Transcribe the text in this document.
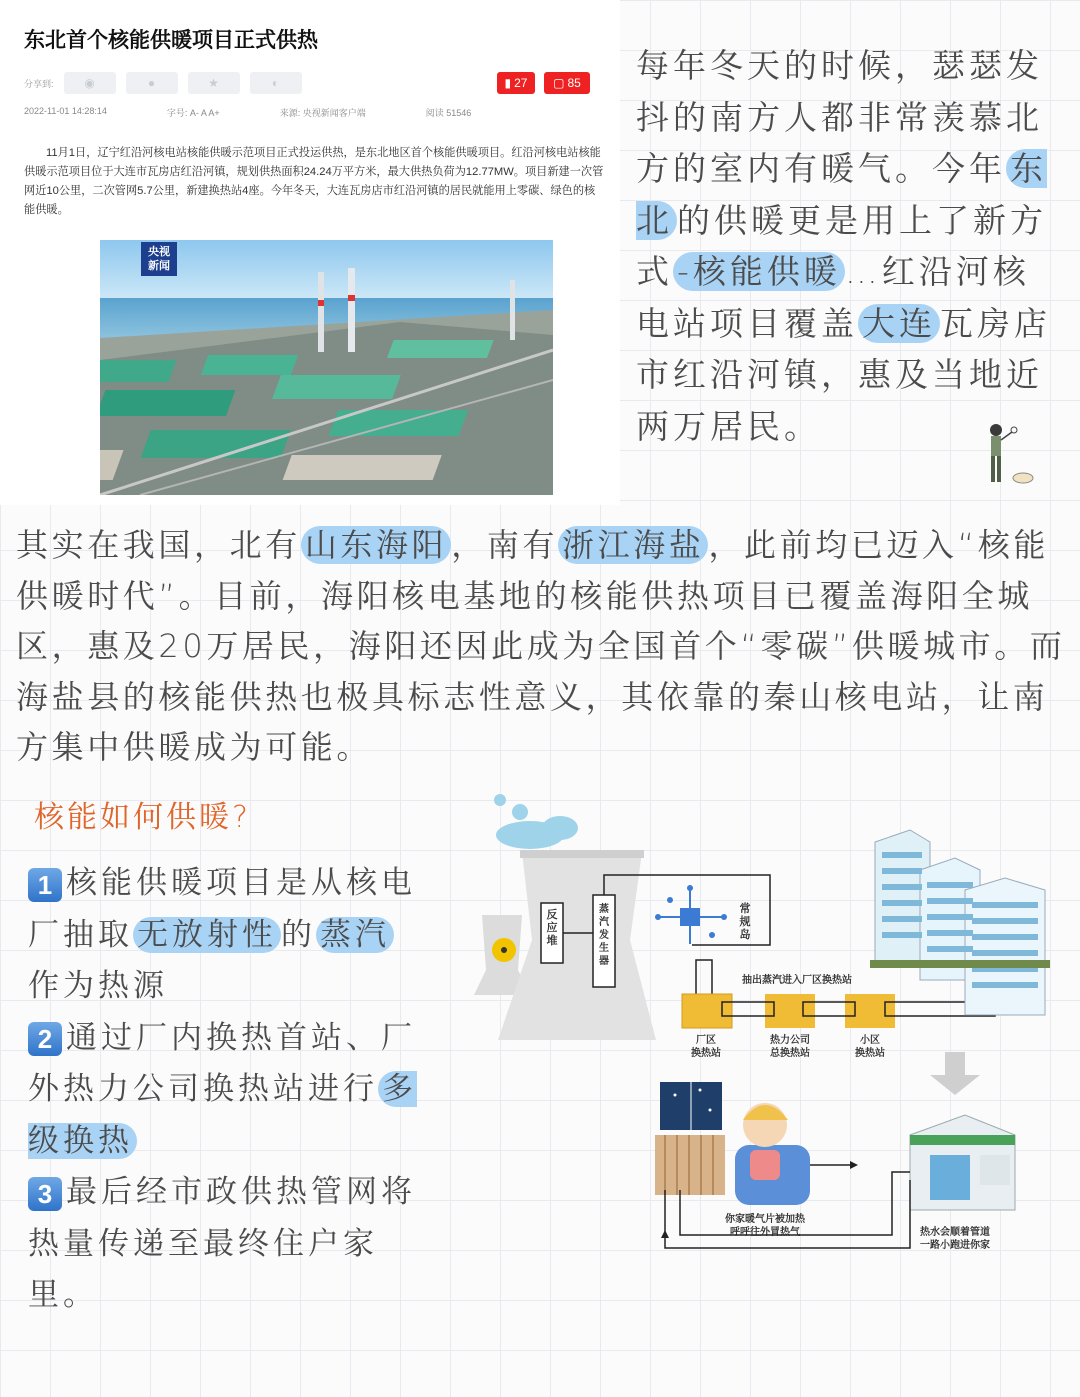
东北首个核能供暖项目正式供热
分享到:	◉	●	★	◐	▮ 27 ▢ 85
2022-11-01 14:28:14	字号: A- A A+	来源: 央视新闻客户端	阅读 51546
11月1日，辽宁红沿河核电站核能供暖示范项目正式投运供热，是东北地区首个核能供暖项目。红沿河核电站核能供暖示范项目位于大连市瓦房店红沿河镇，规划供热面积24.24万平方米，最大供热负荷为12.77MW。项目新建一次管网近10公里，二次管网5.7公里，新建换热站4座。今年冬天，大连瓦房店市红沿河镇的居民就能用上零碳、绿色的核能供暖。
央视
新闻
每年冬天的时候，瑟瑟发抖的南方人都非常羡慕北方的室内有暖气。今年 东北 的供暖更是用上了新方式 -核能供暖 …红沿河核电站项目覆盖 大连 瓦房店市红沿河镇，惠及当地近两万居民。
其实在我国，北有 山东海阳 ，南有 浙江海盐 ，此前均已迈入“核能供暖时代”。目前，海阳核电基地的核能供热项目已覆盖海阳全城区，惠及20万居民，海阳还因此成为全国首个“零碳”供暖城市。而海盐县的核能供热也极具标志性意义，其依靠的秦山核电站，让南方集中供暖成为可能。
核能如何供暖?
1 核能供暖项目是从核电厂抽取 无放射性 的 蒸汽作为热源
2 通过厂内换热首站、厂外热力公司换热站进行 多级换热
3 最后经市政供热管网将热量传递至最终住户家里。
反应堆
蒸汽发生器
常规岛
抽出蒸汽进入厂区换热站
厂区换热站
热力公司总换热站
小区换热站
你家暖气片被加热呼呼往外冒热气	热水会顺着管道一路小跑进你家
